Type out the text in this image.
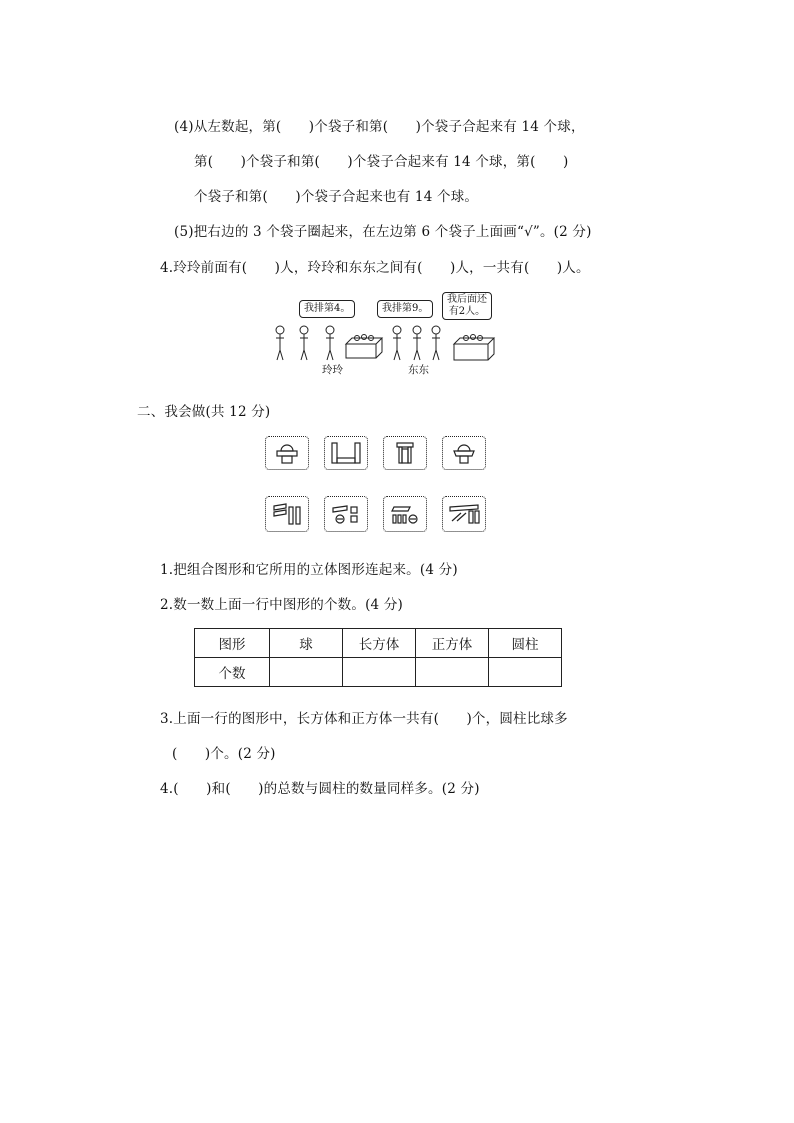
(4)从左数起，第(　　)个袋子和第(　　)个袋子合起来有 14 个球，
第(　　)个袋子和第(　　)个袋子合起来有 14 个球，第(　　)
个袋子和第(　　)个袋子合起来也有 14 个球。
(5)把右边的 3 个袋子圈起来，在左边第 6 个袋子上面画“√”。(2 分)
4.玲玲前面有(　　)人，玲玲和东东之间有(　　)人，一共有(　　)人。
我排第4。	我排第9。
我后面还
有2人。
玲玲	东东
二、我会做(共 12 分)
1.把组合图形和它所用的立体图形连起来。(4 分)
2.数一数上面一行中图形的个数。(4 分)
图形	球	长方体	正方体	圆柱
个数				
3.上面一行的图形中，长方体和正方体一共有(　　)个，圆柱比球多
(　　)个。(2 分)
4.(　　)和(　　)的总数与圆柱的数量同样多。(2 分)
